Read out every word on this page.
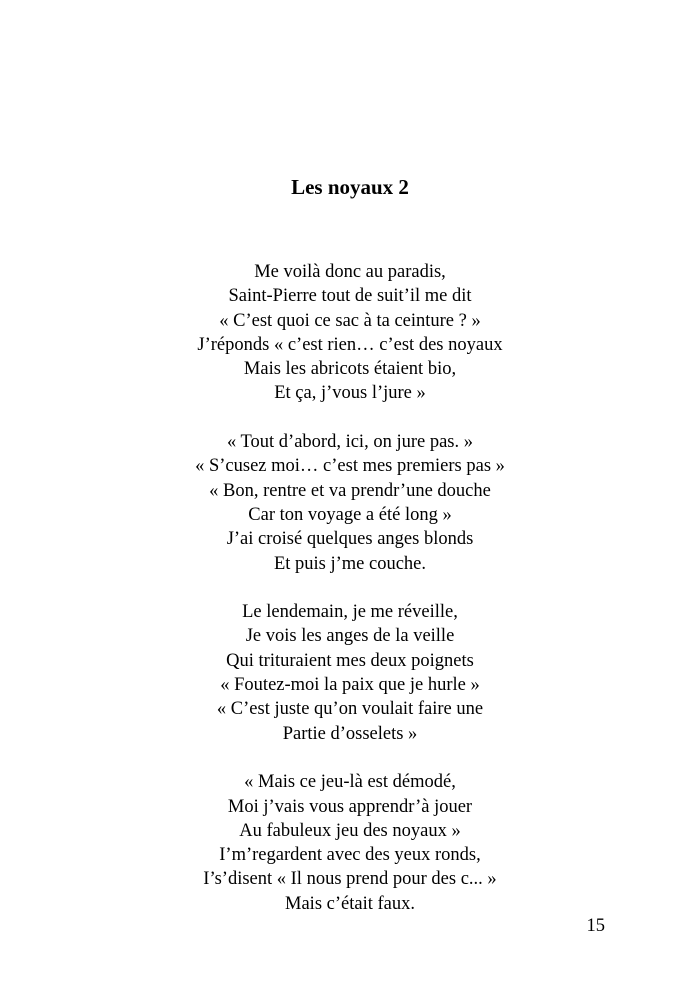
Les noyaux 2
Me voilà donc au paradis,
Saint-Pierre tout de suit’il me dit
« C’est quoi ce sac à ta ceinture ? »
J’réponds « c’est rien… c’est des noyaux
Mais les abricots étaient bio,
Et ça, j’vous l’jure »
« Tout d’abord, ici, on jure pas. »
« S’cusez moi… c’est mes premiers pas »
« Bon, rentre et va prendr’une douche
Car ton voyage a été long »
J’ai croisé quelques anges blonds
Et puis j’me couche.
Le lendemain, je me réveille,
Je vois les anges de la veille
Qui trituraient mes deux poignets
« Foutez-moi la paix que je hurle »
« C’est juste qu’on voulait faire une
Partie d’osselets »
« Mais ce jeu-là est démodé,
Moi j’vais vous apprendr’à jouer
Au fabuleux jeu des noyaux »
I’m’regardent avec des yeux ronds,
I’s’disent « Il nous prend pour des c... »
Mais c’était faux.
15
